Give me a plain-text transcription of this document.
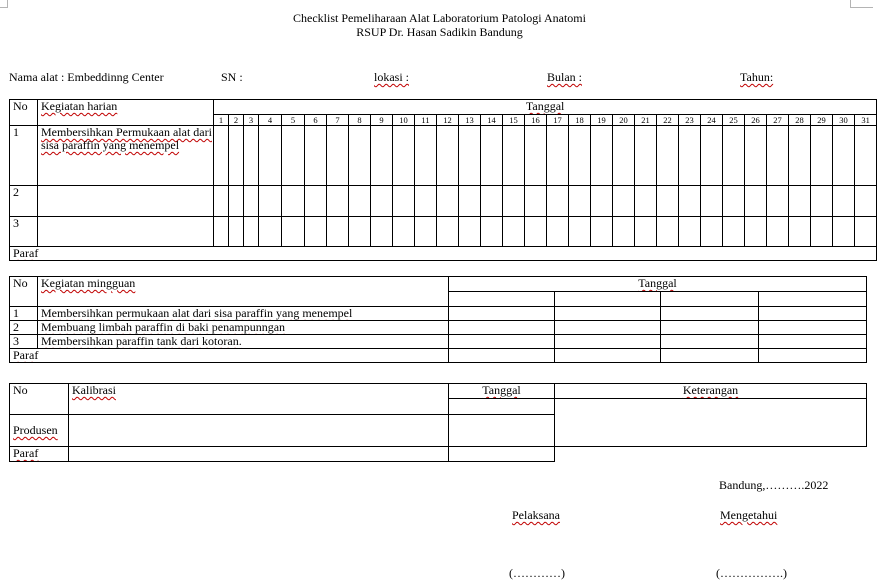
Checklist Pemeliharaan Alat Laboratorium Patologi Anatomi
RSUP Dr. Hasan Sadikin Bandung
Nama alat : Embeddinng Center	SN :	lokasi :	Bulan :	Tahun:
No	Kegiatan harian	Tanggal																														
		1	2	3	4	5	6	7	8	9	10	11	12	13	14	15	16	17	18	19	20	21	22	23	24	25	26	27	28	29	30	31
1	Membersihkan Permukaan alat dari sisa paraffin yang menempel																															
2																																
3																																
Paraf																																
No	Kegiatan mingguan	Tanggal			

1	Membersihkan permukaan alat dari sisa paraffin yang menempel				
2	Membuang limbah paraffin di baki penampunngan				
3	Membersihkan paraffin tank dari kotoran.				
Paraf					
No	Kalibrasi	Tanggal	Keterangan

Produsen			
Paraf			
Bandung,……….2022
Pelaksana	Mengetahui
(…………)	(…………….)
